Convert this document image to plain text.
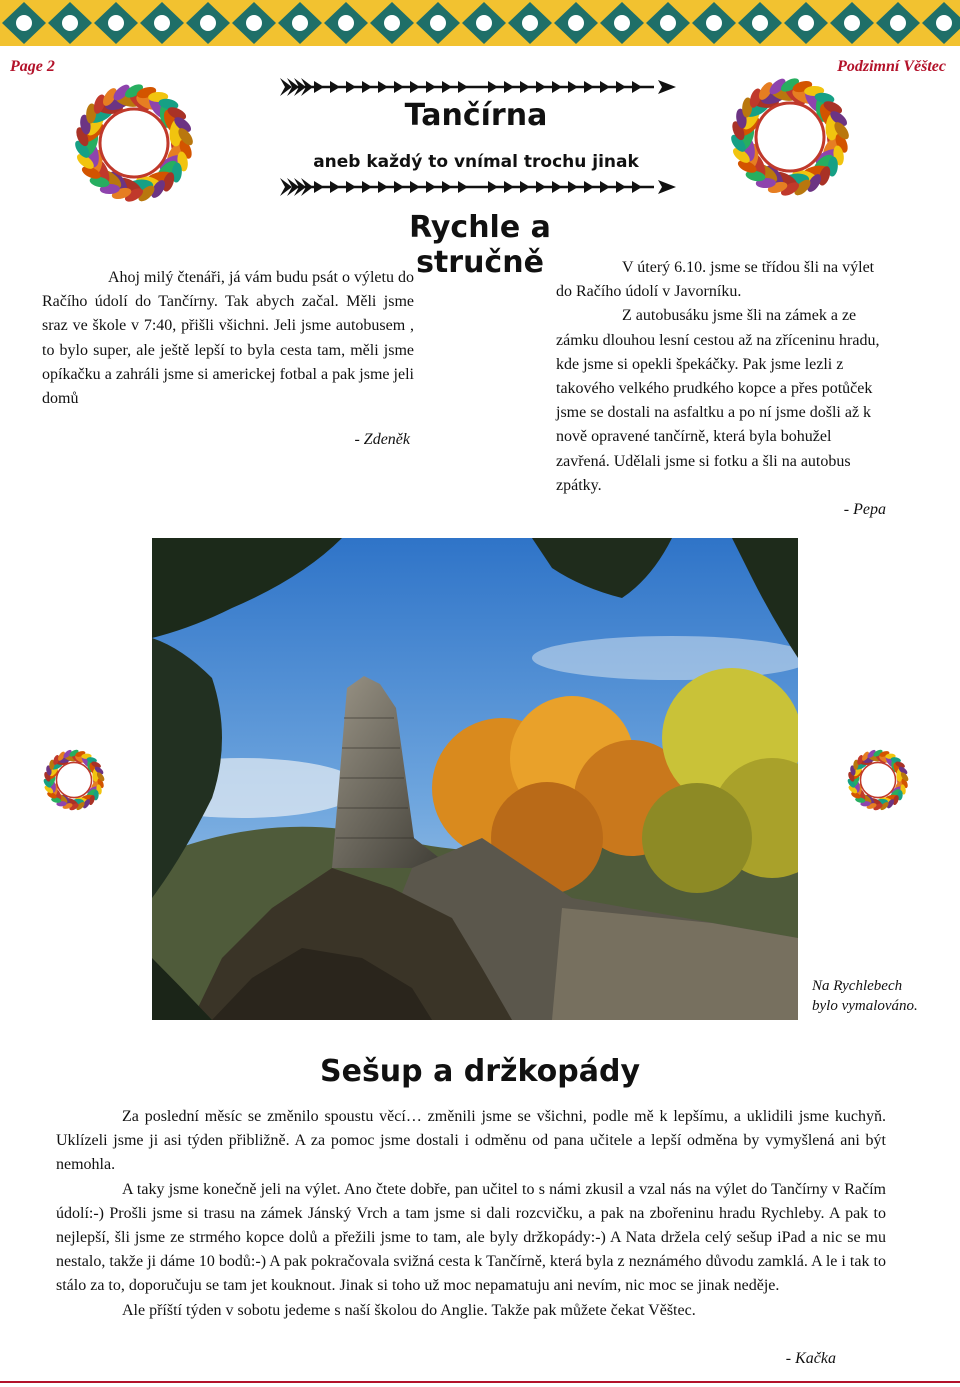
Page 2	Podzimní Věštec
Tančírna
aneb každý to vnímal trochu jinak
Rychle a stručně

Ahoj milý čtenáři, já vám budu psát o výletu do Račího údolí do Tančírny. Tak abych začal. Měli jsme sraz ve škole v 7:40, přišli všichni. Jeli jsme autobusem , to bylo super, ale ještě lepší to byla cesta tam, měli jsme opíkačku a zahráli jsme si americkej fotbal a pak jsme jeli domů

- Zdeněk

V úterý 6.10. jsme se třídou šli na výlet do Račího údolí v Javorníku.

Z autobusáku jsme šli na zámek a ze zámku dlouhou lesní cestou až na zříceninu hradu, kde jsme si opekli špekáčky. Pak jsme lezli z takového velkého prudkého kopce a přes potůček jsme se dostali na asfaltku a po ní jsme došli až k nově opravené tančírně, která byla bohužel zavřená. Udělali jsme si fotku a šli na autobus zpátky.

- Pepa
Na Rychlebech
bylo vymalováno.
Sešup a držkopády

Za poslední měsíc se změnilo spoustu věcí… změnili jsme se všichni, podle mě k lepšímu, a uklidili jsme kuchyň. Uklízeli jsme ji asi týden přibližně. A za pomoc jsme dostali i odměnu od pana učitele a lepší odměna by vymyšlená ani být nemohla.

A taky jsme konečně jeli na výlet. Ano čtete dobře, pan učitel to s námi zkusil a vzal nás na výlet do Tančírny v Račím údolí:-) Prošli jsme si trasu na zámek Jánský Vrch a tam jsme si dali rozcvičku, a pak na zbořeninu hradu Rychleby. A pak to nejlepší, šli jsme ze strmého kopce dolů a přežili jsme to tam, ale byly držkopády:-) A Nata držela celý sešup iPad a nic se mu nestalo, takže ji dáme 10 bodů:-) A pak pokračovala svižná cesta k Tančírně, která byla z neznámého důvodu zamklá. A le i tak to stálo za to, doporučuju se tam jet kouknout. Jinak si toho už moc nepamatuju ani nevím, nic moc se jinak neděje.

Ale příští týden v sobotu jedeme s naší školou do Anglie. Takže pak můžete čekat Věštec.

- Kačka
